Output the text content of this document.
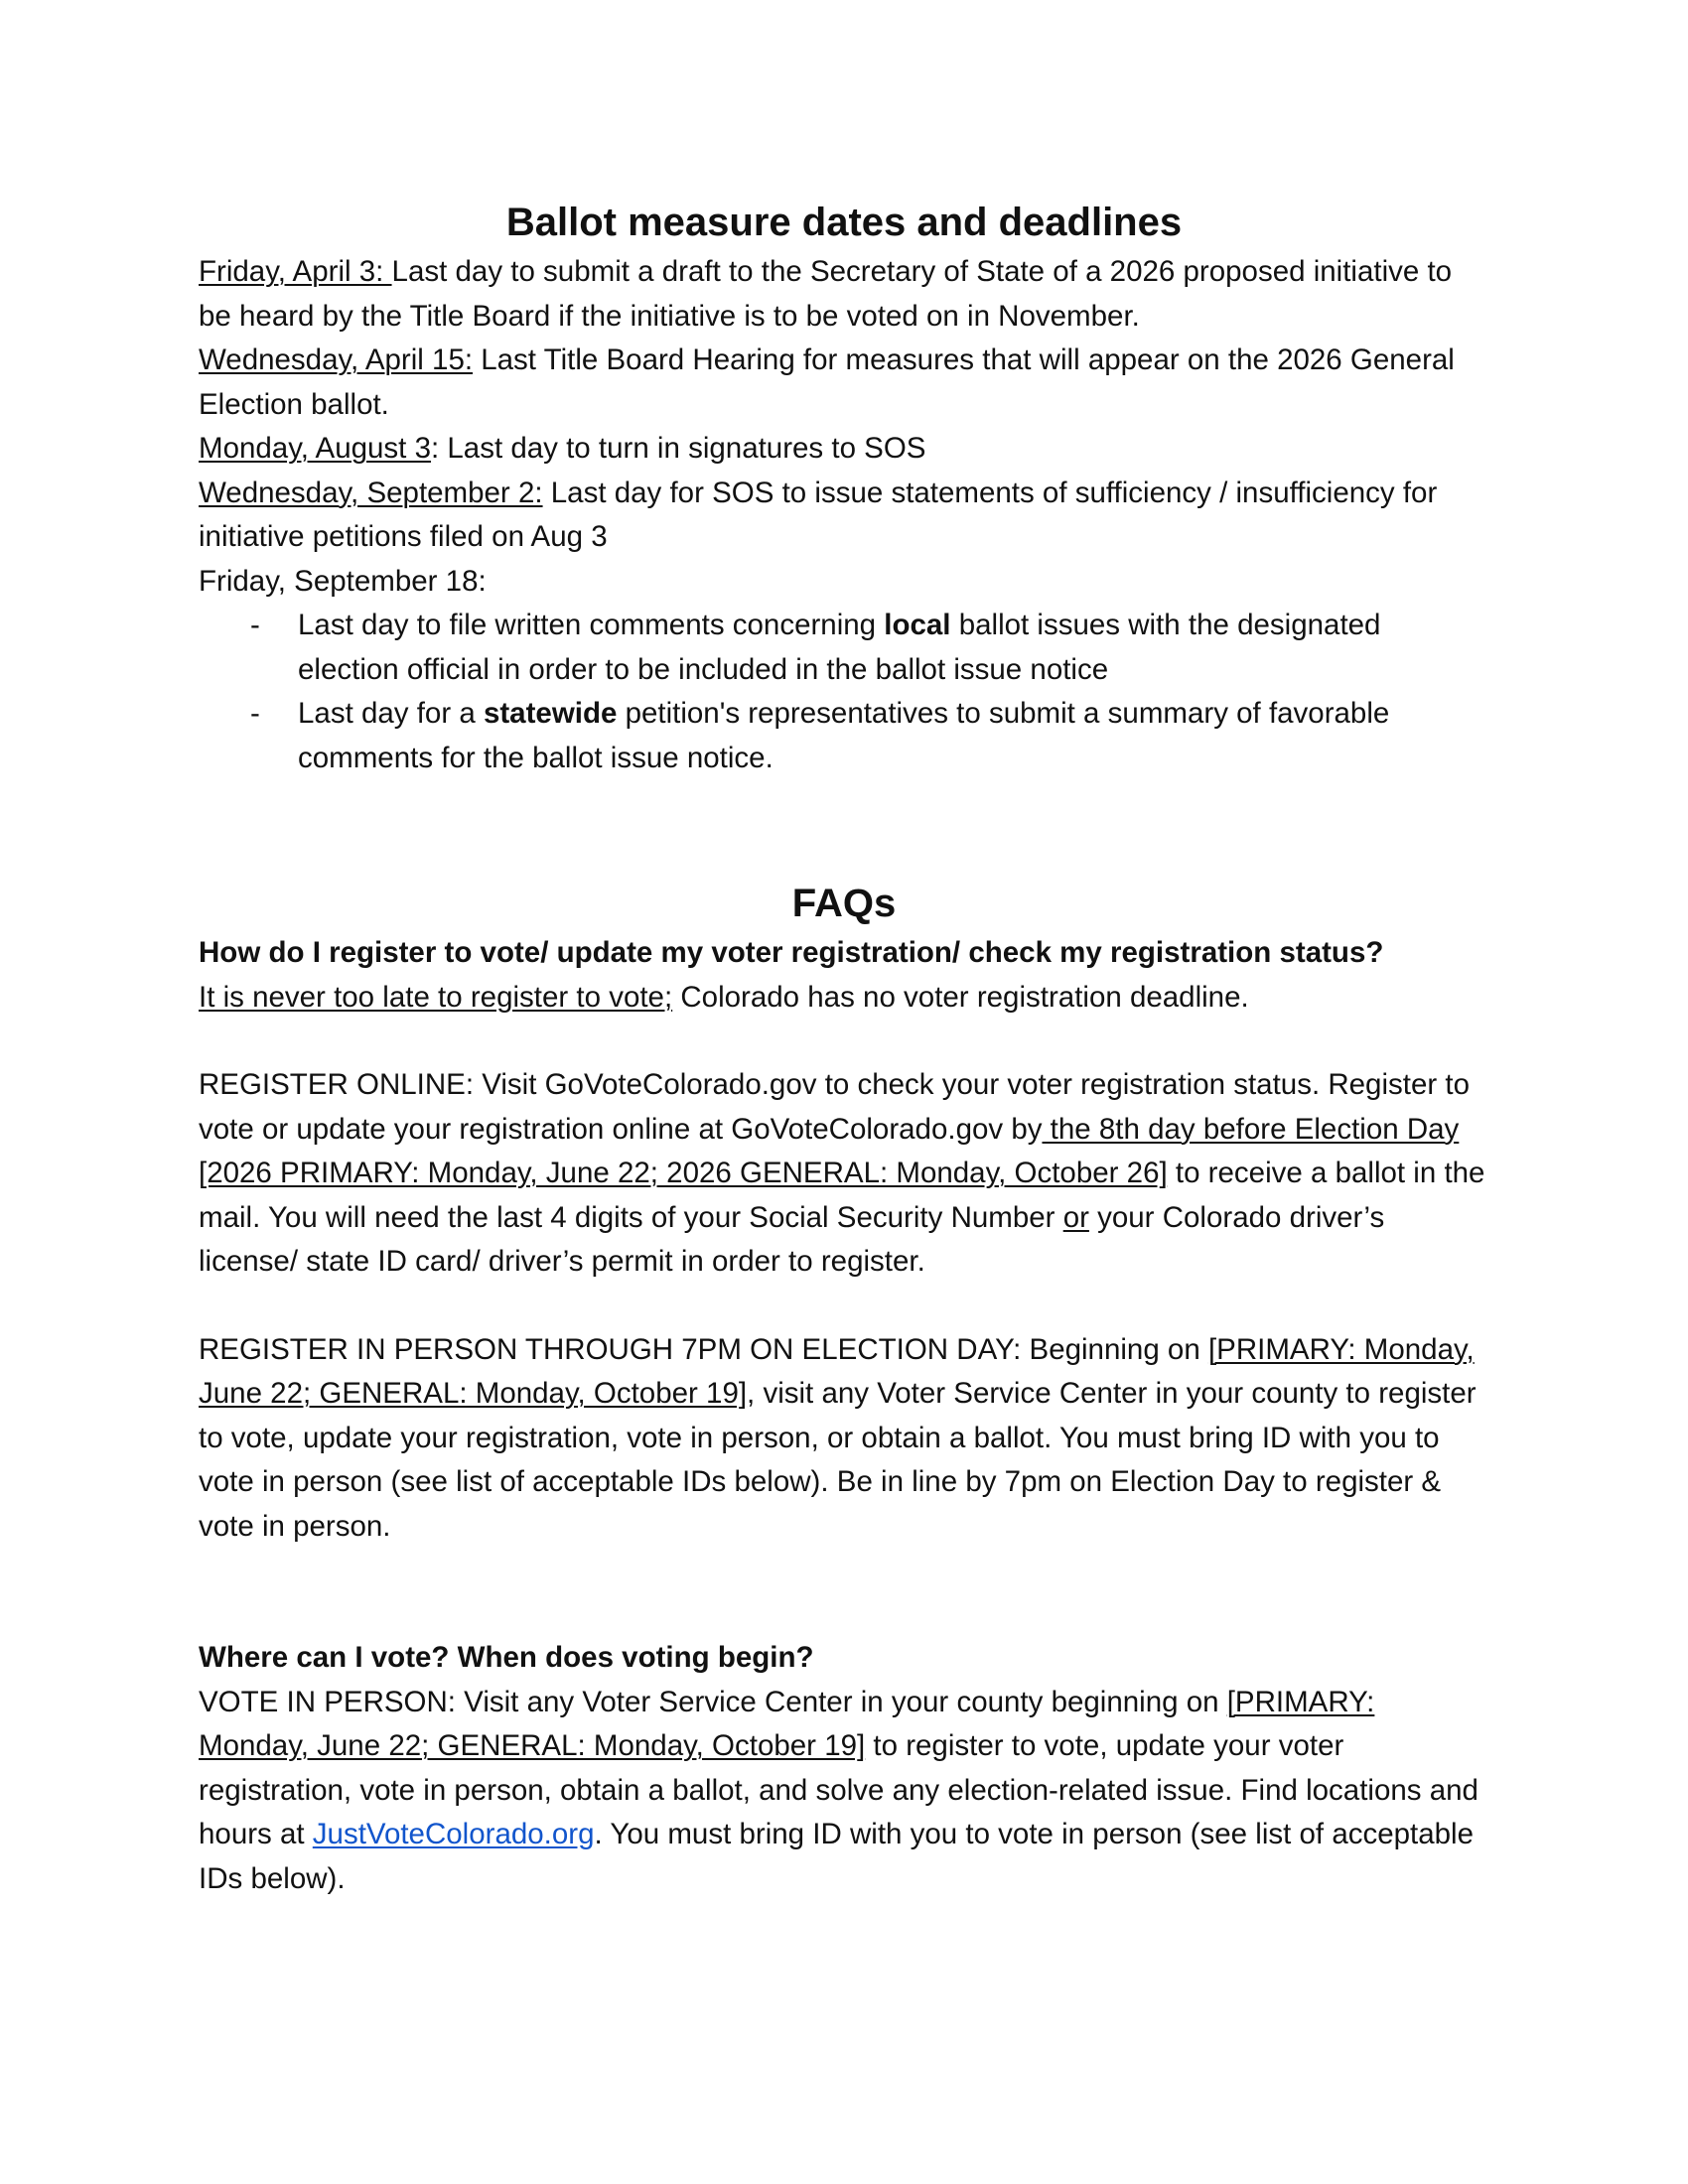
Ballot measure dates and deadlines

Friday, April 3: Last day to submit a draft to the Secretary of State of a 2026 proposed initiative to be heard by the Title Board if the initiative is to be voted on in November.

Wednesday, April 15: Last Title Board Hearing for measures that will appear on the 2026 General Election ballot.

Monday, August 3: Last day to turn in signatures to SOS

Wednesday, September 2: Last day for SOS to issue statements of sufficiency / insufficiency for initiative petitions filed on Aug 3

Friday, September 18:

- Last day to file written comments concerning local ballot issues with the designated election official in order to be included in the ballot issue notice
- Last day for a statewide petition's representatives to submit a summary of favorable comments for the ballot issue notice.
FAQs

How do I register to vote/ update my voter registration/ check my registration status?

It is never too late to register to vote; Colorado has no voter registration deadline.

REGISTER ONLINE: Visit GoVoteColorado.gov to check your voter registration status. Register to vote or update your registration online at GoVoteColorado.gov by the 8th day before Election Day [2026 PRIMARY: Monday, June 22; 2026 GENERAL: Monday, October 26] to receive a ballot in the mail. You will need the last 4 digits of your Social Security Number or your Colorado driver’s license/ state ID card/ driver’s permit in order to register.

REGISTER IN PERSON THROUGH 7PM ON ELECTION DAY: Beginning on [PRIMARY: Monday, June 22; GENERAL: Monday, October 19], visit any Voter Service Center in your county to register to vote, update your registration, vote in person, or obtain a ballot. You must bring ID with you to vote in person (see list of acceptable IDs below). Be in line by 7pm on Election Day to register & vote in person.

Where can I vote? When does voting begin?

VOTE IN PERSON: Visit any Voter Service Center in your county beginning on [PRIMARY: Monday, June 22; GENERAL: Monday, October 19] to register to vote, update your voter registration, vote in person, obtain a ballot, and solve any election-related issue. Find locations and hours at JustVoteColorado.org. You must bring ID with you to vote in person (see list of acceptable IDs below).
